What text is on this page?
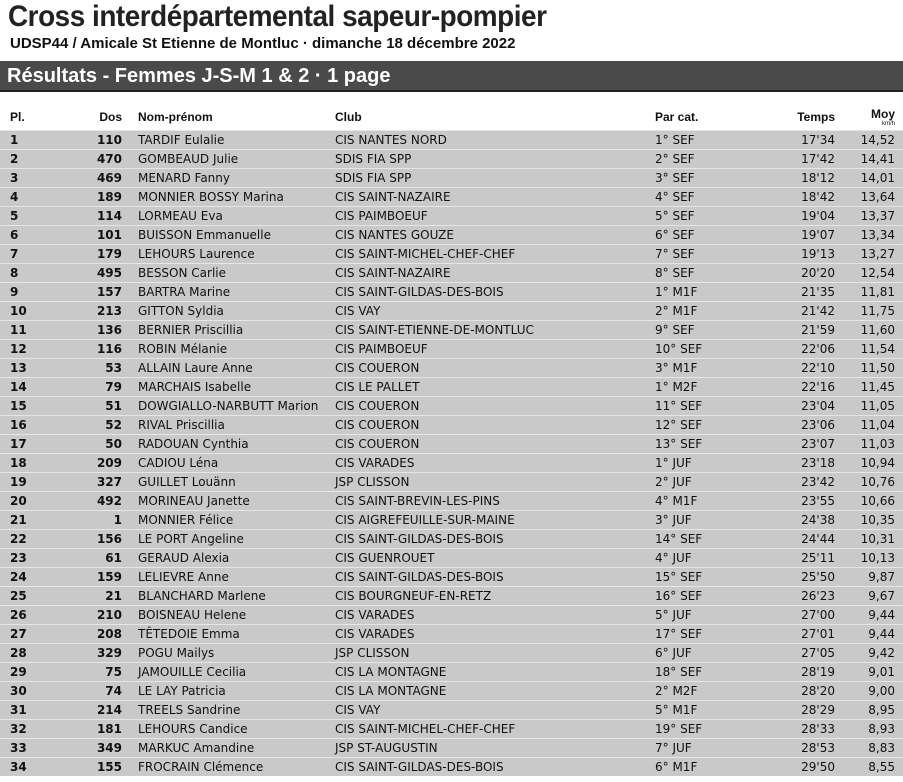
Cross interdépartemental sapeur-pompier
UDSP44 / Amicale St Etienne de Montluc · dimanche 18 décembre 2022
Résultats - Femmes J-S-M 1 & 2 · 1 page
Pl.	Dos	Nom-prénom	Club	Par cat.	Temps	Moy
km/h

1	110	TARDIF Eulalie	CIS NANTES NORD	1° SEF	17'34	14,52
2	470	GOMBEAUD Julie	SDIS FIA SPP	2° SEF	17'42	14,41
3	469	MENARD Fanny	SDIS FIA SPP	3° SEF	18'12	14,01
4	189	MONNIER BOSSY Marina	CIS SAINT-NAZAIRE	4° SEF	18'42	13,64
5	114	LORMEAU Eva	CIS PAIMBOEUF	5° SEF	19'04	13,37
6	101	BUISSON Emmanuelle	CIS NANTES GOUZE	6° SEF	19'07	13,34
7	179	LEHOURS Laurence	CIS SAINT-MICHEL-CHEF-CHEF	7° SEF	19'13	13,27
8	495	BESSON Carlie	CIS SAINT-NAZAIRE	8° SEF	20'20	12,54
9	157	BARTRA Marine	CIS SAINT-GILDAS-DES-BOIS	1° M1F	21'35	11,81
10	213	GITTON Syldia	CIS VAY	2° M1F	21'42	11,75
11	136	BERNIER Priscillia	CIS SAINT-ETIENNE-DE-MONTLUC	9° SEF	21'59	11,60
12	116	ROBIN Mélanie	CIS PAIMBOEUF	10° SEF	22'06	11,54
13	53	ALLAIN Laure Anne	CIS COUERON	3° M1F	22'10	11,50
14	79	MARCHAIS Isabelle	CIS LE PALLET	1° M2F	22'16	11,45
15	51	DOWGIALLO-NARBUTT Marion	CIS COUERON	11° SEF	23'04	11,05
16	52	RIVAL Priscillia	CIS COUERON	12° SEF	23'06	11,04
17	50	RADOUAN Cynthia	CIS COUERON	13° SEF	23'07	11,03
18	209	CADIOU Léna	CIS VARADES	1° JUF	23'18	10,94
19	327	GUILLET Louänn	JSP CLISSON	2° JUF	23'42	10,76
20	492	MORINEAU Janette	CIS SAINT-BREVIN-LES-PINS	4° M1F	23'55	10,66
21	1	MONNIER Félice	CIS AIGREFEUILLE-SUR-MAINE	3° JUF	24'38	10,35
22	156	LE PORT Angeline	CIS SAINT-GILDAS-DES-BOIS	14° SEF	24'44	10,31
23	61	GERAUD Alexia	CIS GUENROUET	4° JUF	25'11	10,13
24	159	LELIEVRE Anne	CIS SAINT-GILDAS-DES-BOIS	15° SEF	25'50	9,87
25	21	BLANCHARD Marlene	CIS BOURGNEUF-EN-RETZ	16° SEF	26'23	9,67
26	210	BOISNEAU Helene	CIS VARADES	5° JUF	27'00	9,44
27	208	TÊTEDOIE Emma	CIS VARADES	17° SEF	27'01	9,44
28	329	POGU Mailys	JSP CLISSON	6° JUF	27'05	9,42
29	75	JAMOUILLE Cecilia	CIS LA MONTAGNE	18° SEF	28'19	9,01
30	74	LE LAY Patricia	CIS LA MONTAGNE	2° M2F	28'20	9,00
31	214	TREELS Sandrine	CIS VAY	5° M1F	28'29	8,95
32	181	LEHOURS Candice	CIS SAINT-MICHEL-CHEF-CHEF	19° SEF	28'33	8,93
33	349	MARKUC Amandine	JSP ST-AUGUSTIN	7° JUF	28'53	8,83
34	155	FROCRAIN Clémence	CIS SAINT-GILDAS-DES-BOIS	6° M1F	29'50	8,55
